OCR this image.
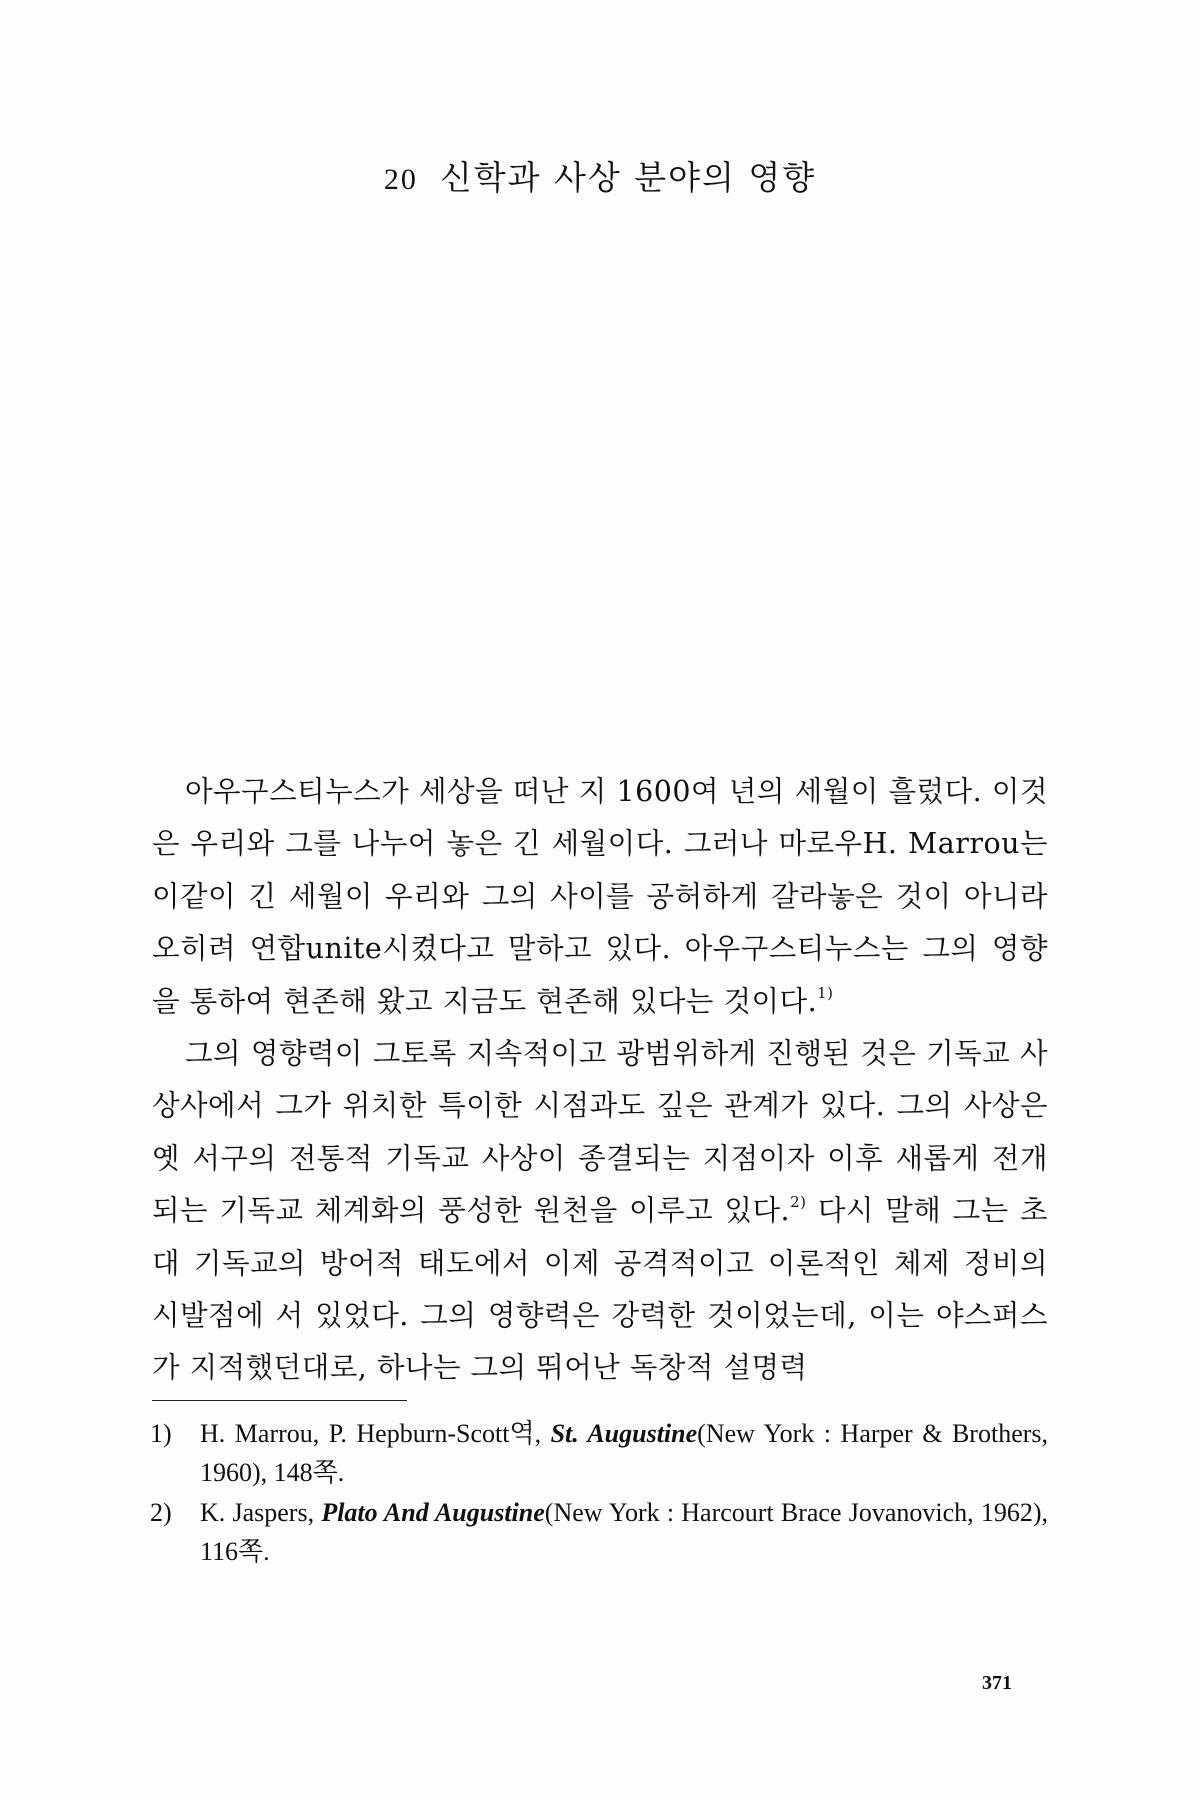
20 신학과 사상 분야의 영향

아우구스티누스가 세상을 떠난 지 1600여 년의 세월이 흘렀다. 이것은 우리와 그를 나누어 놓은 긴 세월이다. 그러나 마로우H. Marrou는 이같이 긴 세월이 우리와 그의 사이를 공허하게 갈라놓은 것이 아니라 오히려 연합unite시켰다고 말하고 있다. 아우구스티누스는 그의 영향을 통하여 현존해 왔고 지금도 현존해 있다는 것이다.$^{1)}$

그의 영향력이 그토록 지속적이고 광범위하게 진행된 것은 기독교 사상사에서 그가 위치한 특이한 시점과도 깊은 관계가 있다. 그의 사상은 옛 서구의 전통적 기독교 사상이 종결되는 지점이자 이후 새롭게 전개되는 기독교 체계화의 풍성한 원천을 이루고 있다.$^{2)}$ 다시 말해 그는 초대 기독교의 방어적 태도에서 이제 공격적이고 이론적인 체제 정비의 시발점에 서 있었다. 그의 영향력은 강력한 것이었는데, 이는 야스퍼스가 지적했던대로, 하나는 그의 뛰어난 독창적 설명력

1) H. Marrou, P. Hepburn-Scott역, St. Augustine(New York : Harper & Brothers, 1960), 148쪽.
2) K. Jaspers, Plato And Augustine(New York : Harcourt Brace Jovanovich, 1962), 116쪽.
371
